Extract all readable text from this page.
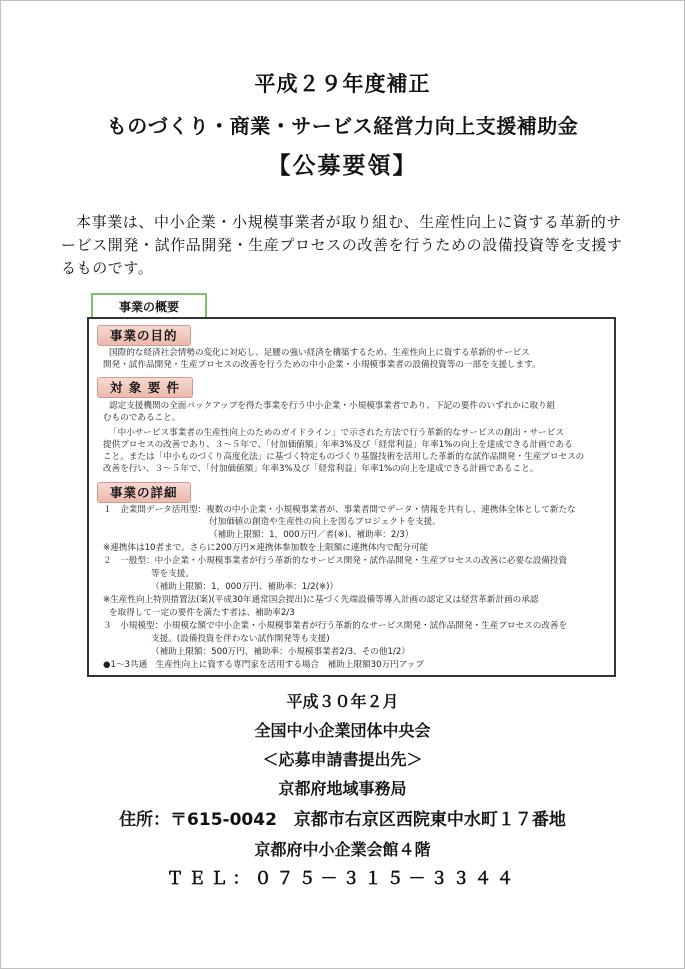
平成２９年度補正
ものづくり・商業・サービス経営力向上支援補助金
【公募要領】
本事業は、中小企業・小規模事業者が取り組む、生産性向上に資する革新的サービス開発・試作品開発・生産プロセスの改善を行うための設備投資等を支援するものです。
事業の概要
事業の目的
国際的な経済社会情勢の変化に対応し、足腰の強い経済を構築するため、生産性向上に資する革新的サービス
開発・試作品開発・生産プロセスの改善を行うための中小企業・小規模事業者の設備投資等の一部を支援します。
対 象 要 件
認定支援機関の全面バックアップを得た事業を行う中小企業・小規模事業者であり、下記の要件のいずれかに取り組
むものであること。
「中小サービス事業者の生産性向上のためのガイドライン」で示された方法で行う革新的なサービスの創出・サービス
提供プロセスの改善であり、３～５年で、「付加価値額」年率3%及び「経常利益」年率1%の向上を達成できる計画である
こと。または「中小ものづくり高度化法」に基づく特定ものづくり基盤技術を活用した革新的な試作品開発・生産プロセスの
改善を行い、３～５年で、「付加価値額」年率3%及び「経常利益」年率1%の向上を達成できる計画であること。
事業の詳細
１　企業間データ活用型：複数の中小企業・小規模事業者が、事業者間でデータ・情報を共有し、連携体全体として新たな
付加価値の創造や生産性の向上を図るプロジェクトを支援。
（補助上限額：1，000万円／者(※)、補助率：2/3）
※連携体は10者まで。さらに200万円×連携体参加数を上限額に連携体内で配分可能
２　一般型：中小企業・小規模事業者が行う革新的なサービス開発・試作品開発・生産プロセスの改善に必要な設備投資
等を支援。
（補助上限額：1，000万円、補助率：1/2(※)）
※生産性向上特別措置法(案)(平成30年通常国会提出)に基づく先端設備等導入計画の認定又は経営革新計画の承認
を取得して一定の要件を満たす者は、補助率2/3
３　小規模型：小規模な額で中小企業・小規模事業者が行う革新的なサービス開発・試作品開発・生産プロセスの改善を
支援。(設備投資を伴わない試作開発等も支援)
（補助上限額：500万円、補助率：小規模事業者2/3、その他1/2）
●1～3共通　生産性向上に資する専門家を活用する場合　補助上限額30万円アップ
平成３０年２月
全国中小企業団体中央会
＜応募申請書提出先＞
京都府地域事務局
住所：〒615-0042　京都市右京区西院東中水町１７番地
京都府中小企業会館４階
ＴＥＬ：０７５－３１５－３３４４
